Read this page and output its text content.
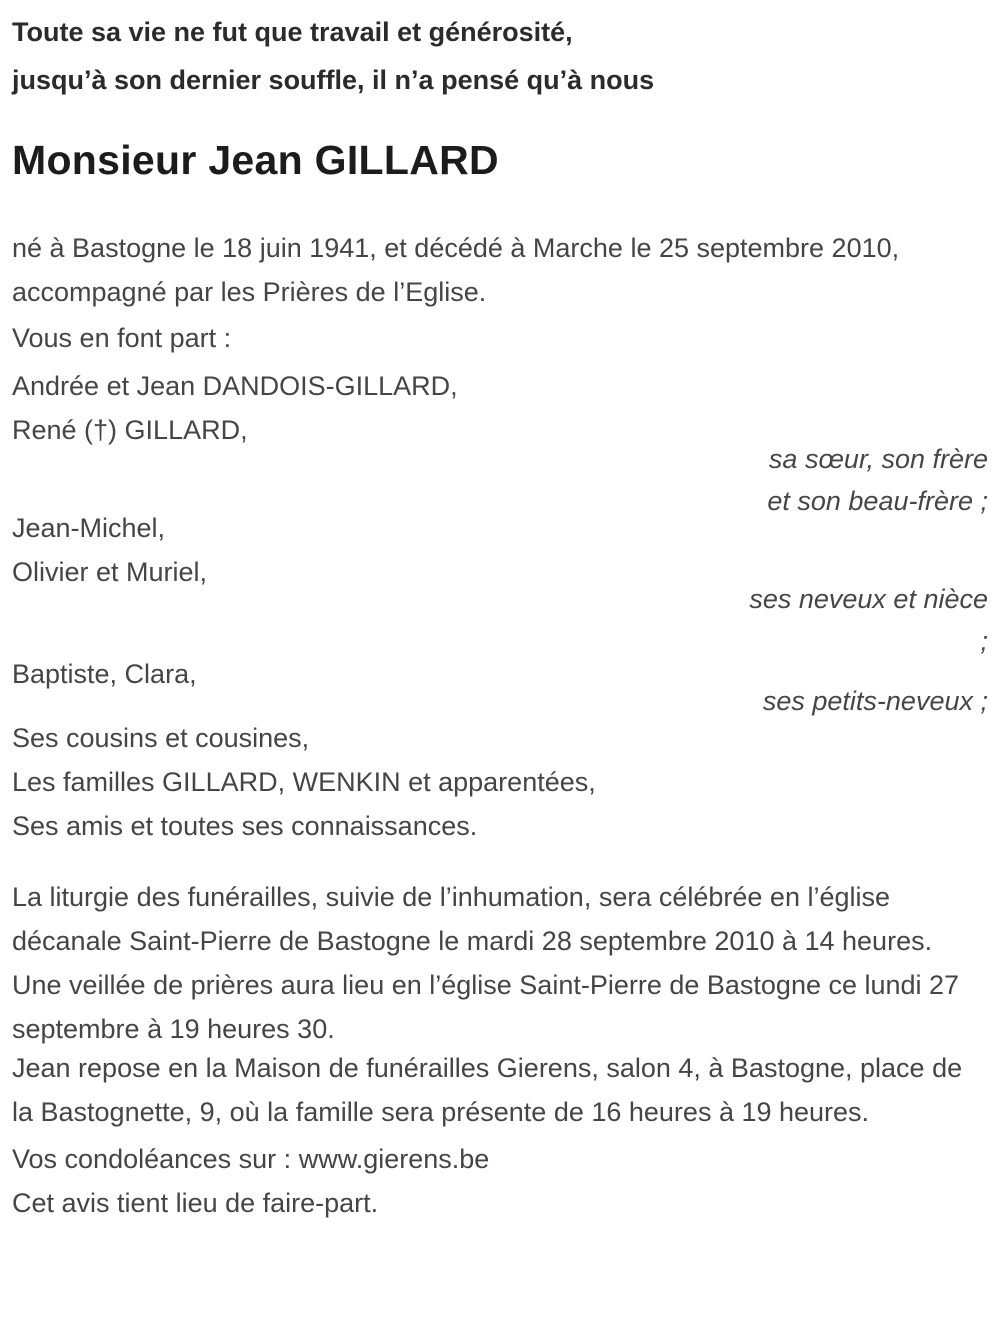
Toute sa vie ne fut que travail et générosité,

jusqu’à son dernier souffle, il n’a pensé qu’à nous

Monsieur Jean GILLARD

né à Bastogne le 18 juin 1941, et décédé à Marche le 25 septembre 2010, accompagné par les Prières de l’Eglise.

Vous en font part :

Andrée et Jean DANDOIS-GILLARD,

René (†) GILLARD,

sa sœur, son frère

et son beau-frère ;

Jean-Michel,

Olivier et Muriel,

ses neveux et nièce

;

Baptiste, Clara,

ses petits-neveux ;

Ses cousins et cousines,

Les familles GILLARD, WENKIN et apparentées,

Ses amis et toutes ses connaissances.

La liturgie des funérailles, suivie de l’inhumation, sera célébrée en l’église décanale Saint-Pierre de Bastogne le mardi 28 septembre 2010 à 14 heures.

Une veillée de prières aura lieu en l’église Saint-Pierre de Bastogne ce lundi 27 septembre à 19 heures 30.

Jean repose en la Maison de funérailles Gierens, salon 4, à Bastogne, place de la Bastognette, 9, où la famille sera présente de 16 heures à 19 heures.

Vos condoléances sur : www.gierens.be

Cet avis tient lieu de faire-part.
